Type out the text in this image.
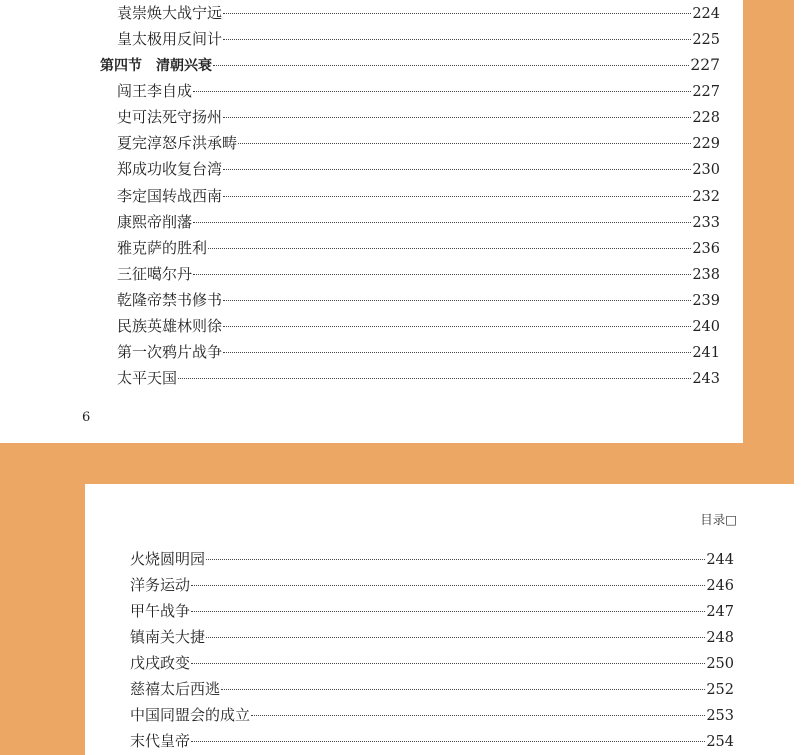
袁崇焕大战宁远	224
皇太极用反间计	225
第四节　清朝兴衰	227
闯王李自成	227
史可法死守扬州	228
夏完淳怒斥洪承畴	229
郑成功收复台湾	230
李定国转战西南	232
康熙帝削藩	233
雅克萨的胜利	236
三征噶尔丹	238
乾隆帝禁书修书	239
民族英雄林则徐	240
第一次鸦片战争	241
太平天国	243
6
目录□
火烧圆明园	244
洋务运动	246
甲午战争	247
镇南关大捷	248
戊戌政变	250
慈禧太后西逃	252
中国同盟会的成立	253
末代皇帝	254
